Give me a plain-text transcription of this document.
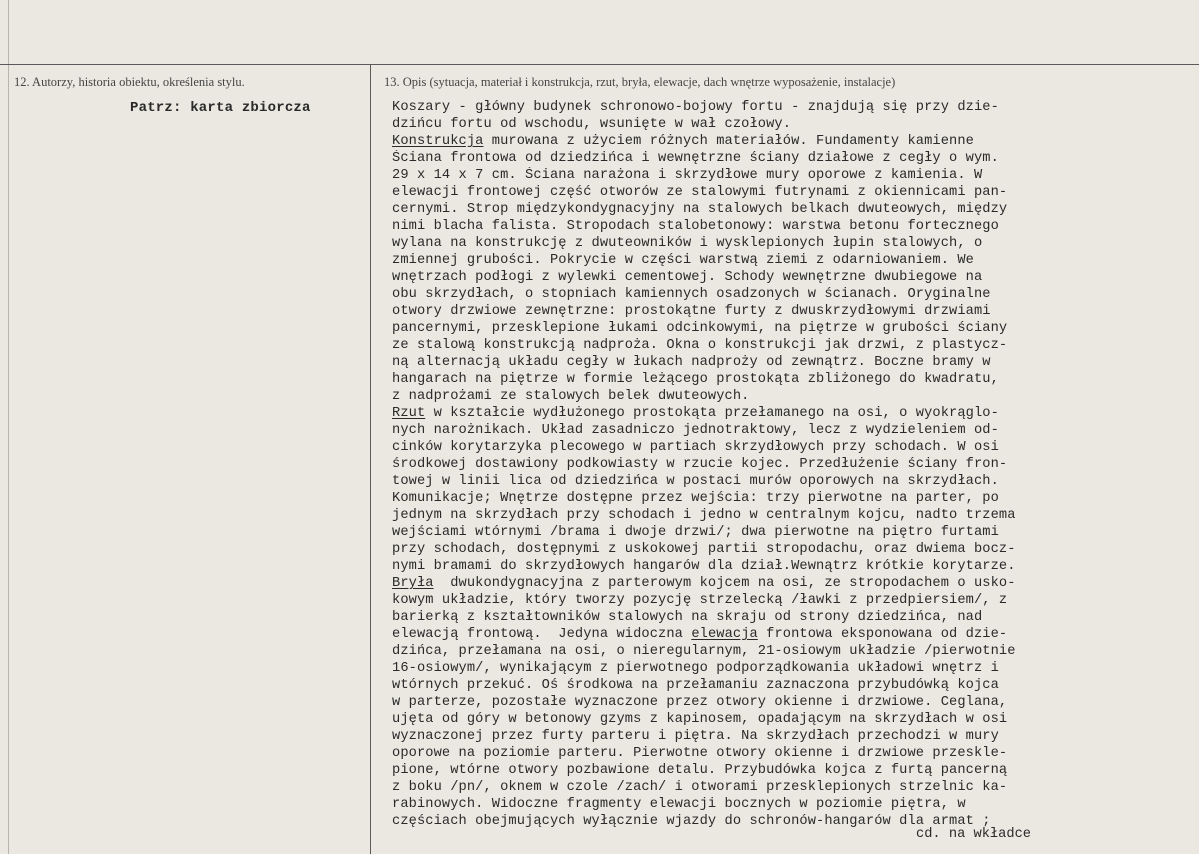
12. Autorzy, historia obiektu, określenia stylu.
Patrz: karta zbiorcza
13. Opis (sytuacja, materiał i konstrukcja, rzut, bryła, elewacje, dach wnętrze wyposażenie, instalacje)
Koszary - główny budynek schronowo-bojowy fortu - znajdują się przy dzie-
dzińcu fortu od wschodu, wsunięte w wał czołowy.
Konstrukcja murowana z użyciem różnych materiałów. Fundamenty kamienne
Ściana frontowa od dziedzińca i wewnętrzne ściany działowe z cegły o wym.
29 x 14 x 7 cm. Ściana narażona i skrzydłowe mury oporowe z kamienia. W
elewacji frontowej część otworów ze stalowymi futrynami z okiennicami pan-
cernymi. Strop międzykondygnacyjny na stalowych belkach dwuteowych, między
nimi blacha falista. Stropodach stalobetonowy: warstwa betonu fortecznego
wylana na konstrukcję z dwuteowników i wysklepionych łupin stalowych, o
zmiennej grubości. Pokrycie w części warstwą ziemi z odarniowaniem. We
wnętrzach podłogi z wylewki cementowej. Schody wewnętrzne dwubiegowe na
obu skrzydłach, o stopniach kamiennych osadzonych w ścianach. Oryginalne
otwory drzwiowe zewnętrzne: prostokątne furty z dwuskrzydłowymi drzwiami
pancernymi, przesklepione łukami odcinkowymi, na piętrze w grubości ściany
ze stalową konstrukcją nadproża. Okna o konstrukcji jak drzwi, z plastycz-
ną alternacją układu cegły w łukach nadproży od zewnątrz. Boczne bramy w
hangarach na piętrze w formie leżącego prostokąta zbliżonego do kwadratu,
z nadprożami ze stalowych belek dwuteowych.
Rzut w kształcie wydłużonego prostokąta przełamanego na osi, o wyokrąglo-
nych narożnikach. Układ zasadniczo jednotraktowy, lecz z wydzieleniem od-
cinków korytarzyka plecowego w partiach skrzydłowych przy schodach. W osi
środkowej dostawiony podkowiasty w rzucie kojec. Przedłużenie ściany fron-
towej w linii lica od dziedzińca w postaci murów oporowych na skrzydłach.
Komunikacje; Wnętrze dostępne przez wejścia: trzy pierwotne na parter, po
jednym na skrzydłach przy schodach i jedno w centralnym kojcu, nadto trzema
wejściami wtórnymi /brama i dwoje drzwi/; dwa pierwotne na piętro furtami
przy schodach, dostępnymi z uskokowej partii stropodachu, oraz dwiema bocz-
nymi bramami do skrzydłowych hangarów dla dział.Wewnątrz krótkie korytarze.
Bryła  dwukondygnacyjna z parterowym kojcem na osi, ze stropodachem o usko-
kowym układzie, który tworzy pozycję strzelecką /ławki z przedpiersiem/, z
barierką z kształtowników stalowych na skraju od strony dziedzińca, nad
elewacją frontową.  Jedyna widoczna elewacja frontowa eksponowana od dzie-
dzińca, przełamana na osi, o nieregularnym, 21-osiowym układzie /pierwotnie
16-osiowym/, wynikającym z pierwotnego podporządkowania układowi wnętrz i
wtórnych przekuć. Oś środkowa na przełamaniu zaznaczona przybudówką kojca
w parterze, pozostałe wyznaczone przez otwory okienne i drzwiowe. Ceglana,
ujęta od góry w betonowy gzyms z kapinosem, opadającym na skrzydłach w osi
wyznaczonej przez furty parteru i piętra. Na skrzydłach przechodzi w mury
oporowe na poziomie parteru. Pierwotne otwory okienne i drzwiowe przeskle-
pione, wtórne otwory pozbawione detalu. Przybudówka kojca z furtą pancerną
z boku /pn/, oknem w czole /zach/ i otworami przesklepionych strzelnic ka-
rabinowych. Widoczne fragmenty elewacji bocznych w poziomie piętra, w
częściach obejmujących wyłącznie wjazdy do schronów-hangarów dla armat ;
cd. na wkładce
